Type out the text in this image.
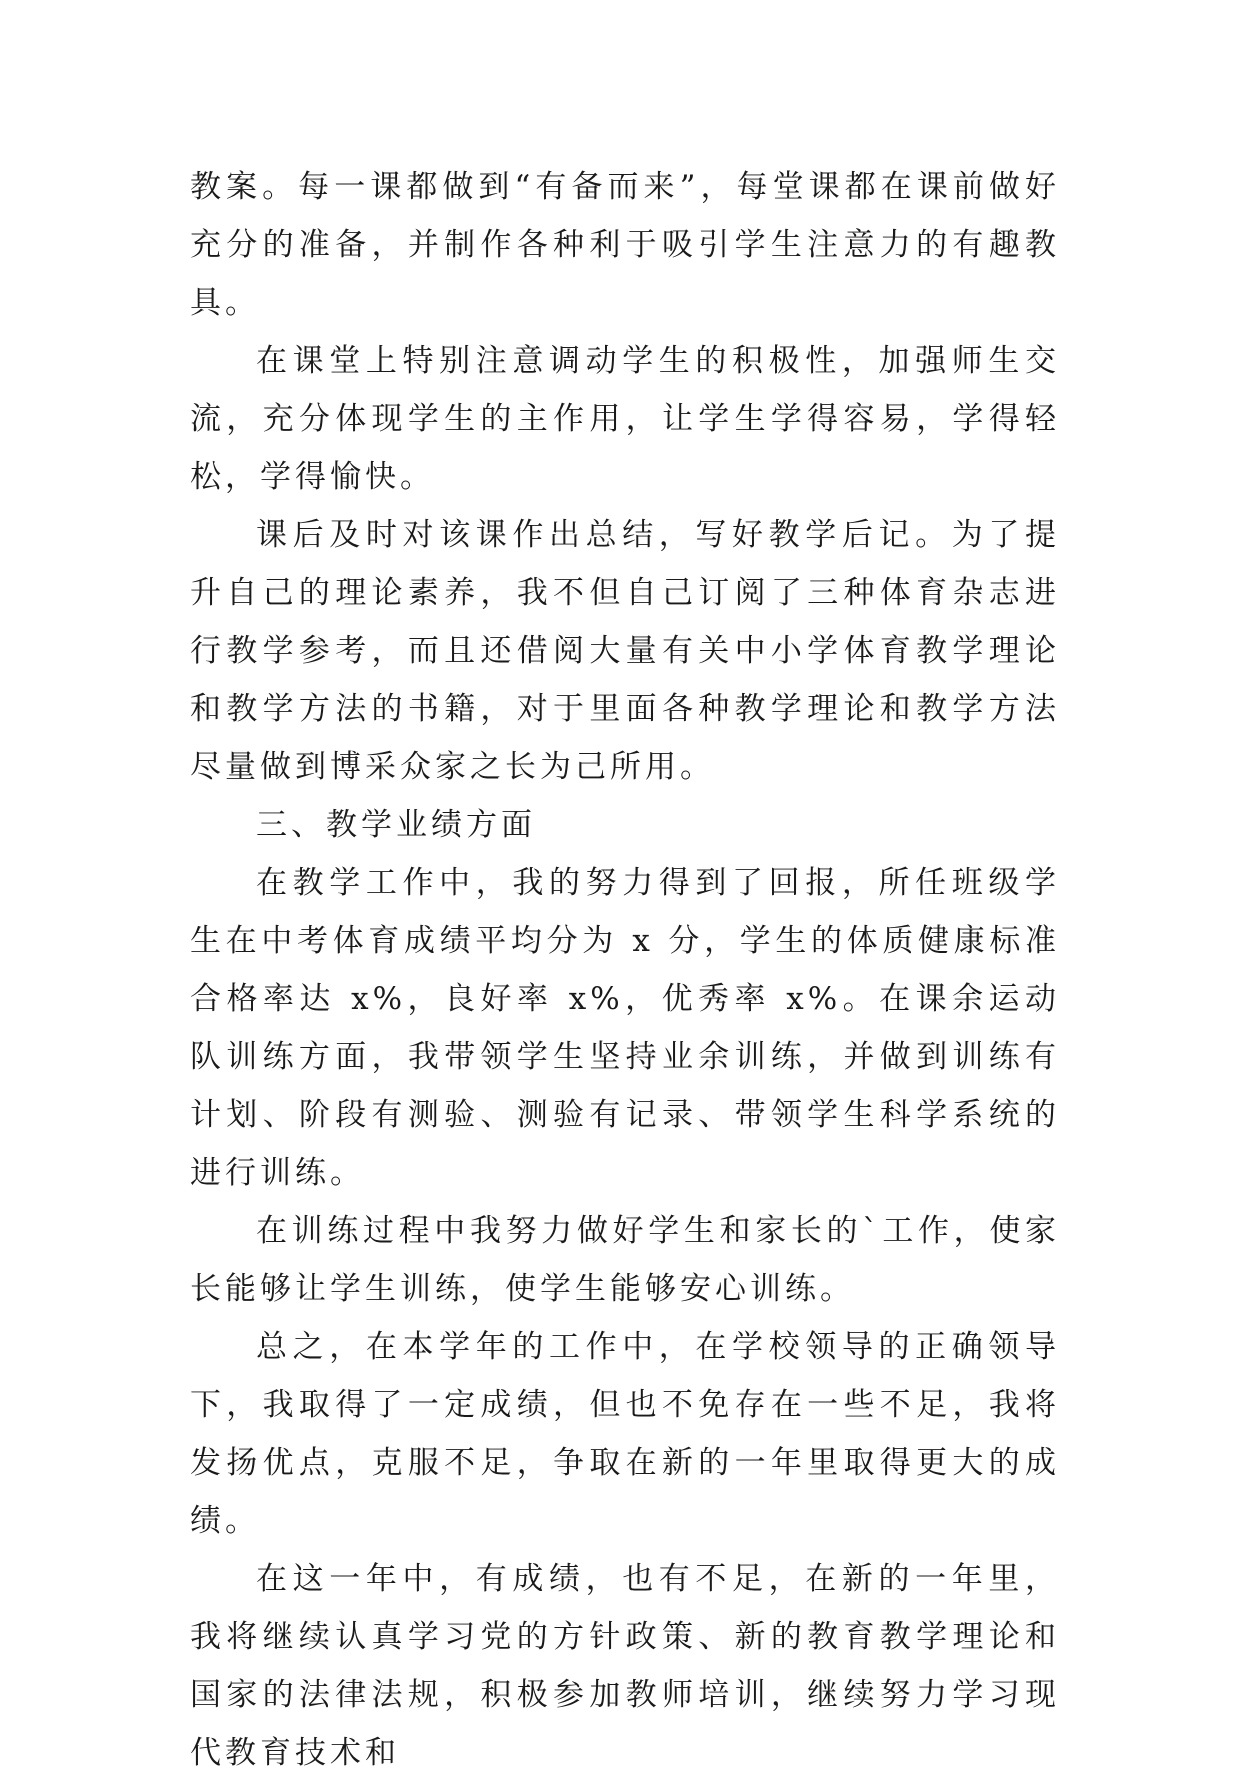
教案。每一课都做到“有备而来”，每堂课都在课前做好充分的准备，并制作各种利于吸引学生注意力的有趣教具。

在课堂上特别注意调动学生的积极性，加强师生交流，充分体现学生的主作用，让学生学得容易，学得轻松，学得愉快。

课后及时对该课作出总结，写好教学后记。为了提升自己的理论素养，我不但自己订阅了三种体育杂志进行教学参考，而且还借阅大量有关中小学体育教学理论和教学方法的书籍，对于里面各种教学理论和教学方法尽量做到博采众家之长为己所用。

三、教学业绩方面

在教学工作中，我的努力得到了回报，所任班级学生在中考体育成绩平均分为 x 分，学生的体质健康标准合格率达 x%，良好率 x%，优秀率 x%。在课余运动队训练方面，我带领学生坚持业余训练，并做到训练有计划、阶段有测验、测验有记录、带领学生科学系统的进行训练。

在训练过程中我努力做好学生和家长的`工作，使家长能够让学生训练，使学生能够安心训练。

总之，在本学年的工作中，在学校领导的正确领导下，我取得了一定成绩，但也不免存在一些不足，我将发扬优点，克服不足，争取在新的一年里取得更大的成绩。

在这一年中，有成绩，也有不足，在新的一年里，我将继续认真学习党的方针政策、新的教育教学理论和国家的法律法规，积极参加教师培训，继续努力学习现代教育技术和
